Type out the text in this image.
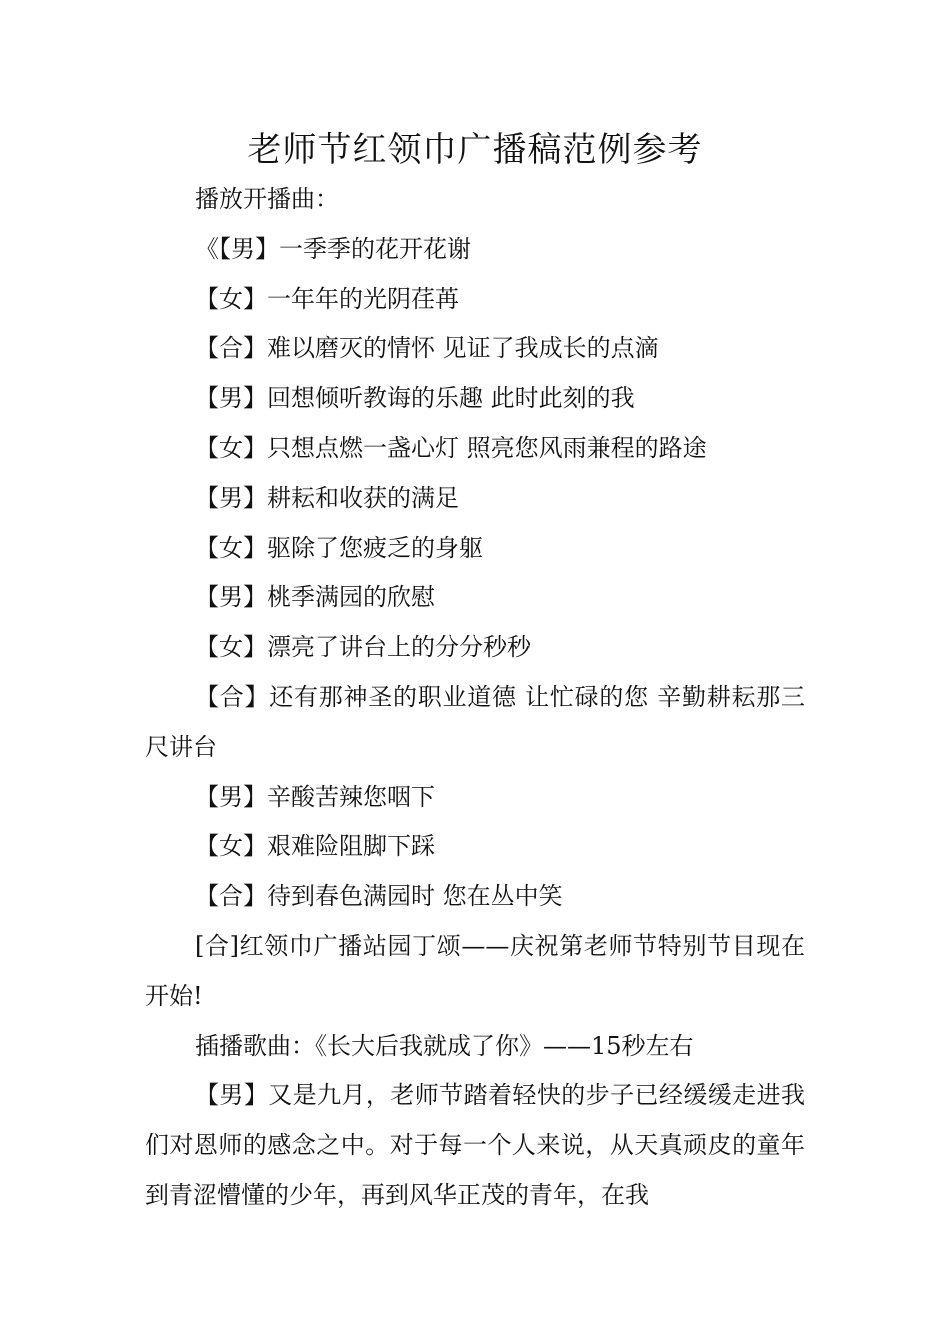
老师节红领巾广播稿范例参考

播放开播曲：

《【男】一季季的花开花谢

【女】一年年的光阴荏苒

【合】难以磨灭的情怀 见证了我成长的点滴

【男】回想倾听教诲的乐趣 此时此刻的我

【女】只想点燃一盏心灯 照亮您风雨兼程的路途

【男】耕耘和收获的满足

【女】驱除了您疲乏的身躯

【男】桃季满园的欣慰

【女】漂亮了讲台上的分分秒秒

【合】还有那神圣的职业道德 让忙碌的您 辛勤耕耘那三尺讲台

【男】辛酸苦辣您咽下

【女】艰难险阻脚下踩

【合】待到春色满园时 您在丛中笑

[合]红领巾广播站园丁颂——庆祝第老师节特别节目现在开始!

插播歌曲：《长大后我就成了你》——15秒左右

【男】又是九月，老师节踏着轻快的步子已经缓缓走进我们对恩师的感念之中。对于每一个人来说，从天真顽皮的童年到青涩懵懂的少年，再到风华正茂的青年，在我
